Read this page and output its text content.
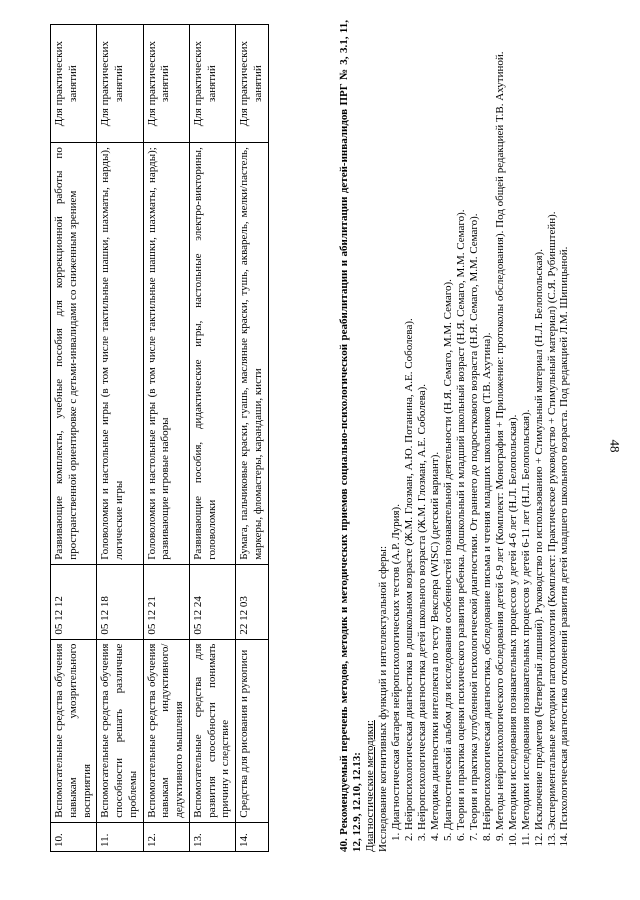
48
10.	Вспомогательные средства обучения навыкам умозрительного восприятия	05 12 12	Развивающие комплекты, учебные пособия для коррекционной работы по пространственной ориентировке с детьми-инвалидами со сниженным зрением	Для практических занятий
11.	Вспомогательные средства обучения способности решать различные проблемы	05 12 18	Головоломки и настольные игры (в том числе тактильные шашки, шахматы, нарды), логические игры	Для практических занятий
12.	Вспомогательные средства обучения навыкам индуктивного/дедуктивного мышления	05 12 21	Головоломки и настольные игры (в том числе тактильные шашки, шахматы, нарды); развивающие игровые наборы	Для практических занятий
13.	Вспомогательные средства для развития способности понимать причину и следствие	05 12 24	Развивающие пособия, дидактические игры, настольные электро-викторины, головоломки	Для практических занятий
14.	Средства для рисования и рукописи	22 12 03	Бумага, пальчиковые краски, гуашь, масляные краски, тушь, акварель, мелки/пастель, маркеры, фломастеры, карандаши, кисти	Для практических занятий

40. Рекомендуемый перечень методов, методик и методических приемов социально-психологической реабилитации и абилитации детей-инвалидов ПРГ № 3, 3.1, 11, 12, 12.9, 12.10, 12.13: Диагностические методики: Исследование когнитивных функций и интеллектуальной сферы: 1. Диагностическая батарея нейропсихологических тестов (А.Р. Лурия). 2. Нейропсихологическая диагностика в дошкольном возрасте (Ж.М. Глозман, А.Ю. Потанина, А.Е. Соболева). 3. Нейропсихологическая диагностика детей школьного возраста (Ж.М. Глозман, А.Е. Соболева). 4. Методика диагностики интеллекта по тесту Векслера (WISC) (детский вариант). 5. Диагностический альбом для исследования особенностей познавательной деятельности (Н.Я. Семаго, М.М. Семаго). 6. Теория и практика оценки психического развития ребенка. Дошкольный и младший школьный возраст (Н.Я. Семаго, М.М. Семаго). 7. Теория и практика углубленной психологической диагностики. От раннего до подросткового возраста (Н.Я. Семаго, М.М. Семаго). 8. Нейропсихологическая диагностика, обследование письма и чтения младших школьников (Т.В. Ахутина). 9. Методы нейропсихологического обследования детей 6-9 лет (Комплект: Монография + Приложение: протоколы обследования). Под общей редакцией Т.В. Ахутиной. 10. Методики исследования познавательных процессов у детей 4-6 лет (Н.Л. Белопольская). 11. Методики исследования познавательных процессов у детей 6-11 лет (Н.Л. Белопольская). 12. Исключение предметов (Четвертый лишний). Руководство по использованию + Стимульный материал (Н.Л. Белопольская). 13. Экспериментальные методики патопсихологии (Комплект: Практическое руководство + Стимульный материал) (С.Я. Рубинштейн). 14. Психологическая диагностика отклонений развития детей младшего школьного возраста. Под редакцией Л.М. Шипицыной.
